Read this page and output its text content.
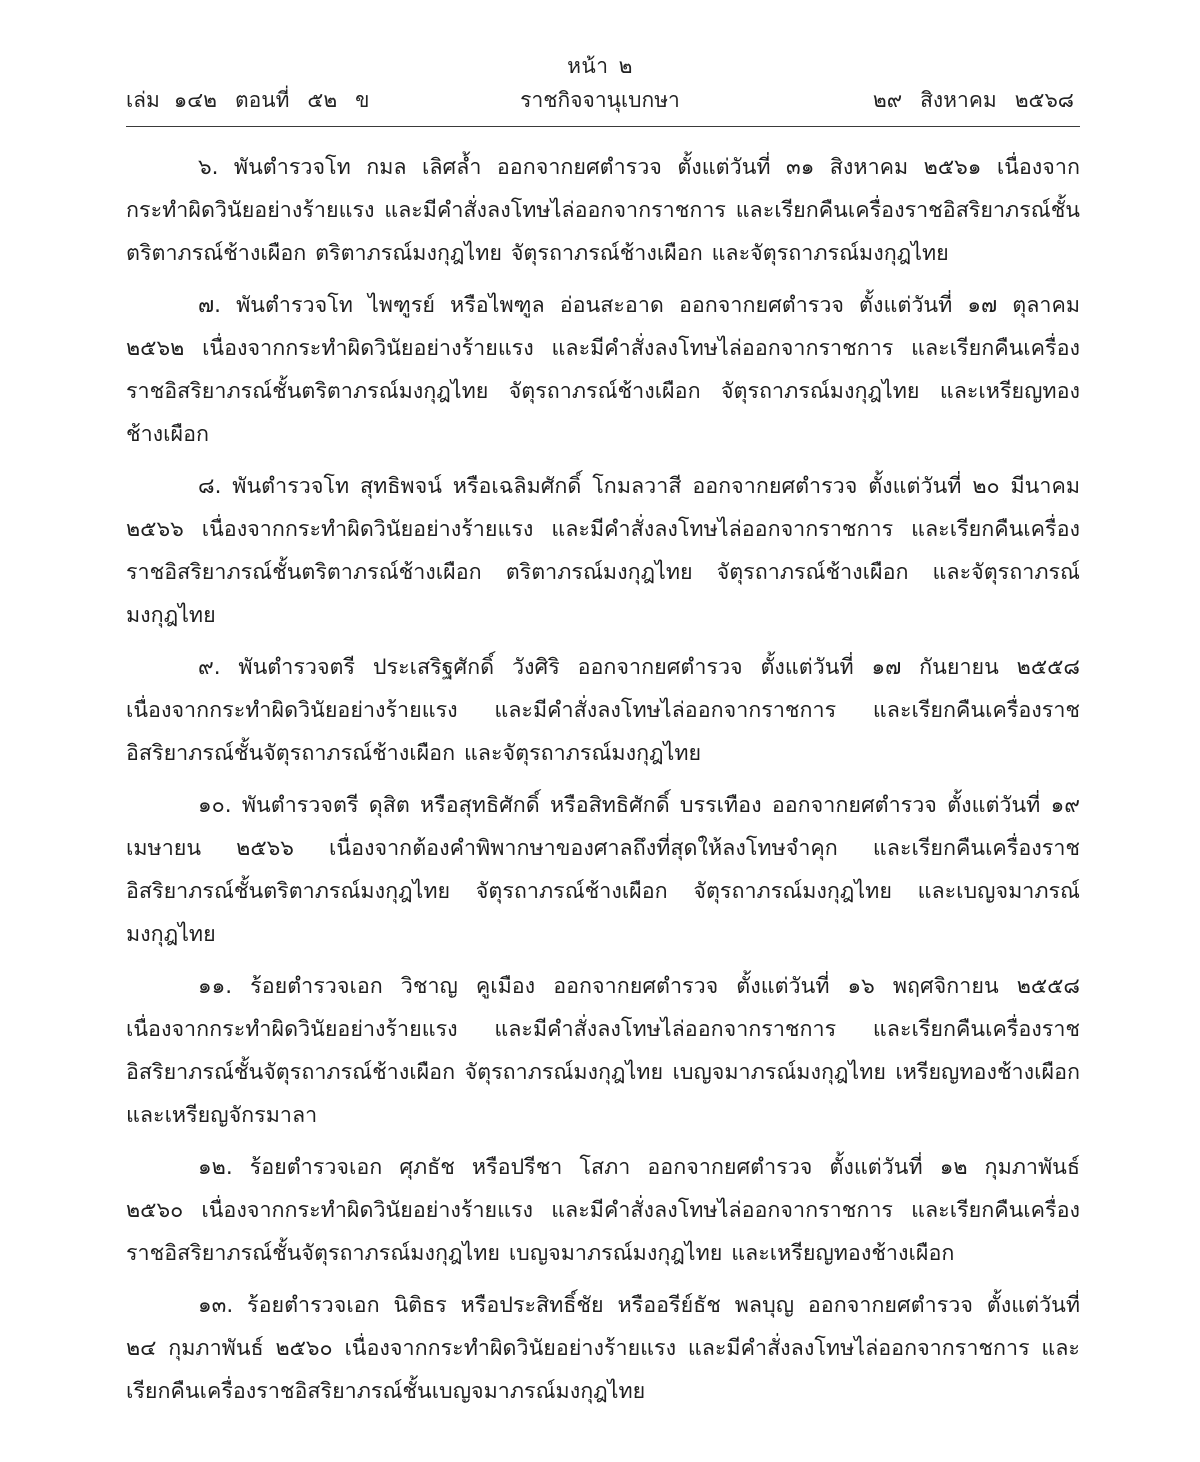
หน้า ๒
เล่ม ๑๔๒ ตอนที่ ๕๒ ข	ราชกิจจานุเบกษา	๒๙ สิงหาคม ๒๕๖๘

๖. พันตำรวจโท กมล เลิศล้ำ ออกจากยศตำรวจ ตั้งแต่วันที่ ๓๑ สิงหาคม ๒๕๖๑ เนื่องจากกระทำผิดวินัยอย่างร้ายแรง และมีคำสั่งลงโทษไล่ออกจากราชการ และเรียกคืนเครื่องราชอิสริยาภรณ์ชั้นตริตาภรณ์ช้างเผือก ตริตาภรณ์มงกุฎไทย จัตุรถาภรณ์ช้างเผือก และจัตุรถาภรณ์มงกุฎไทย

๗. พันตำรวจโท ไพฑูรย์ หรือไพฑูล อ่อนสะอาด ออกจากยศตำรวจ ตั้งแต่วันที่ ๑๗ ตุลาคม ๒๕๖๒ เนื่องจากกระทำผิดวินัยอย่างร้ายแรง และมีคำสั่งลงโทษไล่ออกจากราชการ และเรียกคืนเครื่องราชอิสริยาภรณ์ชั้นตริตาภรณ์มงกุฎไทย จัตุรถาภรณ์ช้างเผือก จัตุรถาภรณ์มงกุฎไทย และเหรียญทองช้างเผือก

๘. พันตำรวจโท สุทธิพจน์ หรือเฉลิมศักดิ์ โกมลวาสี ออกจากยศตำรวจ ตั้งแต่วันที่ ๒๐ มีนาคม ๒๕๖๖ เนื่องจากกระทำผิดวินัยอย่างร้ายแรง และมีคำสั่งลงโทษไล่ออกจากราชการ และเรียกคืนเครื่องราชอิสริยาภรณ์ชั้นตริตาภรณ์ช้างเผือก ตริตาภรณ์มงกุฎไทย จัตุรถาภรณ์ช้างเผือก และจัตุรถาภรณ์มงกุฎไทย

๙. พันตำรวจตรี ประเสริฐศักดิ์ วังศิริ ออกจากยศตำรวจ ตั้งแต่วันที่ ๑๗ กันยายน ๒๕๕๘ เนื่องจากกระทำผิดวินัยอย่างร้ายแรง และมีคำสั่งลงโทษไล่ออกจากราชการ และเรียกคืนเครื่องราชอิสริยาภรณ์ชั้นจัตุรถาภรณ์ช้างเผือก และจัตุรถาภรณ์มงกุฎไทย

๑๐. พันตำรวจตรี ดุสิต หรือสุทธิศักดิ์ หรือสิทธิศักดิ์ บรรเทือง ออกจากยศตำรวจ ตั้งแต่วันที่ ๑๙ เมษายน ๒๕๖๖ เนื่องจากต้องคำพิพากษาของศาลถึงที่สุดให้ลงโทษจำคุก และเรียกคืนเครื่องราชอิสริยาภรณ์ชั้นตริตาภรณ์มงกุฎไทย จัตุรถาภรณ์ช้างเผือก จัตุรถาภรณ์มงกุฎไทย และเบญจมาภรณ์มงกุฎไทย

๑๑. ร้อยตำรวจเอก วิชาญ คูเมือง ออกจากยศตำรวจ ตั้งแต่วันที่ ๑๖ พฤศจิกายน ๒๕๕๘ เนื่องจากกระทำผิดวินัยอย่างร้ายแรง และมีคำสั่งลงโทษไล่ออกจากราชการ และเรียกคืนเครื่องราชอิสริยาภรณ์ชั้นจัตุรถาภรณ์ช้างเผือก จัตุรถาภรณ์มงกุฎไทย เบญจมาภรณ์มงกุฎไทย เหรียญทองช้างเผือก และเหรียญจักรมาลา

๑๒. ร้อยตำรวจเอก ศุภธัช หรือปรีชา โสภา ออกจากยศตำรวจ ตั้งแต่วันที่ ๑๒ กุมภาพันธ์ ๒๕๖๐ เนื่องจากกระทำผิดวินัยอย่างร้ายแรง และมีคำสั่งลงโทษไล่ออกจากราชการ และเรียกคืนเครื่องราชอิสริยาภรณ์ชั้นจัตุรถาภรณ์มงกุฎไทย เบญจมาภรณ์มงกุฎไทย และเหรียญทองช้างเผือก

๑๓. ร้อยตำรวจเอก นิติธร หรือประสิทธิ์ชัย หรืออรีย์ธัช พลบุญ ออกจากยศตำรวจ ตั้งแต่วันที่ ๒๔ กุมภาพันธ์ ๒๕๖๐ เนื่องจากกระทำผิดวินัยอย่างร้ายแรง และมีคำสั่งลงโทษไล่ออกจากราชการ และเรียกคืนเครื่องราชอิสริยาภรณ์ชั้นเบญจมาภรณ์มงกุฎไทย
